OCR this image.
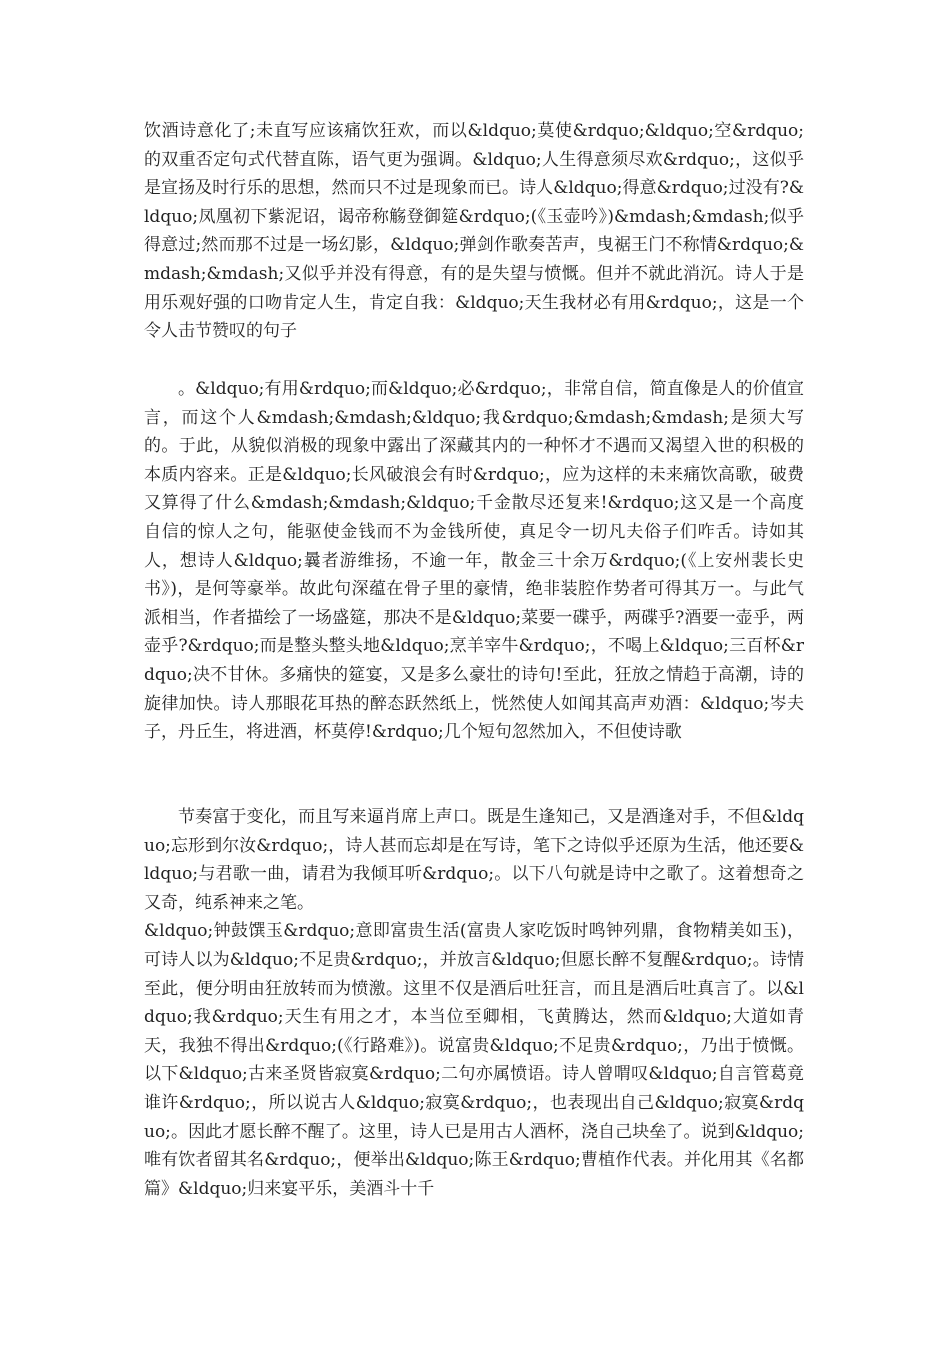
饮酒诗意化了;未直写应该痛饮狂欢，而以&ldquo;莫使&rdquo;&ldquo;空&rdquo;的双重否定句式代替直陈，语气更为强调。&ldquo;人生得意须尽欢&rdquo;，这似乎是宣扬及时行乐的思想，然而只不过是现象而已。诗人&ldquo;得意&rdquo;过没有?&ldquo;凤凰初下紫泥诏，谒帝称觞登御筵&rdquo;(《玉壶吟》)&mdash;&mdash;似乎得意过;然而那不过是一场幻影，&ldquo;弹剑作歌奏苦声，曳裾王门不称情&rdquo;&mdash;&mdash;又似乎并没有得意，有的是失望与愤慨。但并不就此消沉。诗人于是用乐观好强的口吻肯定人生，肯定自我：&ldquo;天生我材必有用&rdquo;，这是一个令人击节赞叹的句子

。&ldquo;有用&rdquo;而&ldquo;必&rdquo;，非常自信，简直像是人的价值宣言，而这个人&mdash;&mdash;&ldquo;我&rdquo;&mdash;&mdash;是须大写的。于此，从貌似消极的现象中露出了深藏其内的一种怀才不遇而又渴望入世的积极的本质内容来。正是&ldquo;长风破浪会有时&rdquo;，应为这样的未来痛饮高歌，破费又算得了什么&mdash;&mdash;&ldquo;千金散尽还复来!&rdquo;这又是一个高度自信的惊人之句，能驱使金钱而不为金钱所使，真足令一切凡夫俗子们咋舌。诗如其人，想诗人&ldquo;曩者游维扬，不逾一年，散金三十余万&rdquo;(《上安州裴长史书》)，是何等豪举。故此句深蕴在骨子里的豪情，绝非装腔作势者可得其万一。与此气派相当，作者描绘了一场盛筵，那决不是&ldquo;菜要一碟乎，两碟乎?酒要一壶乎，两壶乎?&rdquo;而是整头整头地&ldquo;烹羊宰牛&rdquo;，不喝上&ldquo;三百杯&rdquo;决不甘休。多痛快的筵宴，又是多么豪壮的诗句!至此，狂放之情趋于高潮，诗的旋律加快。诗人那眼花耳热的醉态跃然纸上，恍然使人如闻其高声劝酒：&ldquo;岑夫子，丹丘生，将进酒，杯莫停!&rdquo;几个短句忽然加入，不但使诗歌

节奏富于变化，而且写来逼肖席上声口。既是生逢知己，又是酒逢对手，不但&ldquo;忘形到尔汝&rdquo;，诗人甚而忘却是在写诗，笔下之诗似乎还原为生活，他还要&ldquo;与君歌一曲，请君为我倾耳听&rdquo;。以下八句就是诗中之歌了。这着想奇之又奇，纯系神来之笔。

&ldquo;钟鼓馔玉&rdquo;意即富贵生活(富贵人家吃饭时鸣钟列鼎，食物精美如玉)，可诗人以为&ldquo;不足贵&rdquo;，并放言&ldquo;但愿长醉不复醒&rdquo;。诗情至此，便分明由狂放转而为愤激。这里不仅是酒后吐狂言，而且是酒后吐真言了。以&ldquo;我&rdquo;天生有用之才，本当位至卿相，飞黄腾达，然而&ldquo;大道如青天，我独不得出&rdquo;(《行路难》)。说富贵&ldquo;不足贵&rdquo;，乃出于愤慨。以下&ldquo;古来圣贤皆寂寞&rdquo;二句亦属愤语。诗人曾喟叹&ldquo;自言管葛竟谁许&rdquo;，所以说古人&ldquo;寂寞&rdquo;，也表现出自己&ldquo;寂寞&rdquo;。因此才愿长醉不醒了。这里，诗人已是用古人酒杯，浇自己块垒了。说到&ldquo;唯有饮者留其名&rdquo;，便举出&ldquo;陈王&rdquo;曹植作代表。并化用其《名都篇》&ldquo;归来宴平乐，美酒斗十千
